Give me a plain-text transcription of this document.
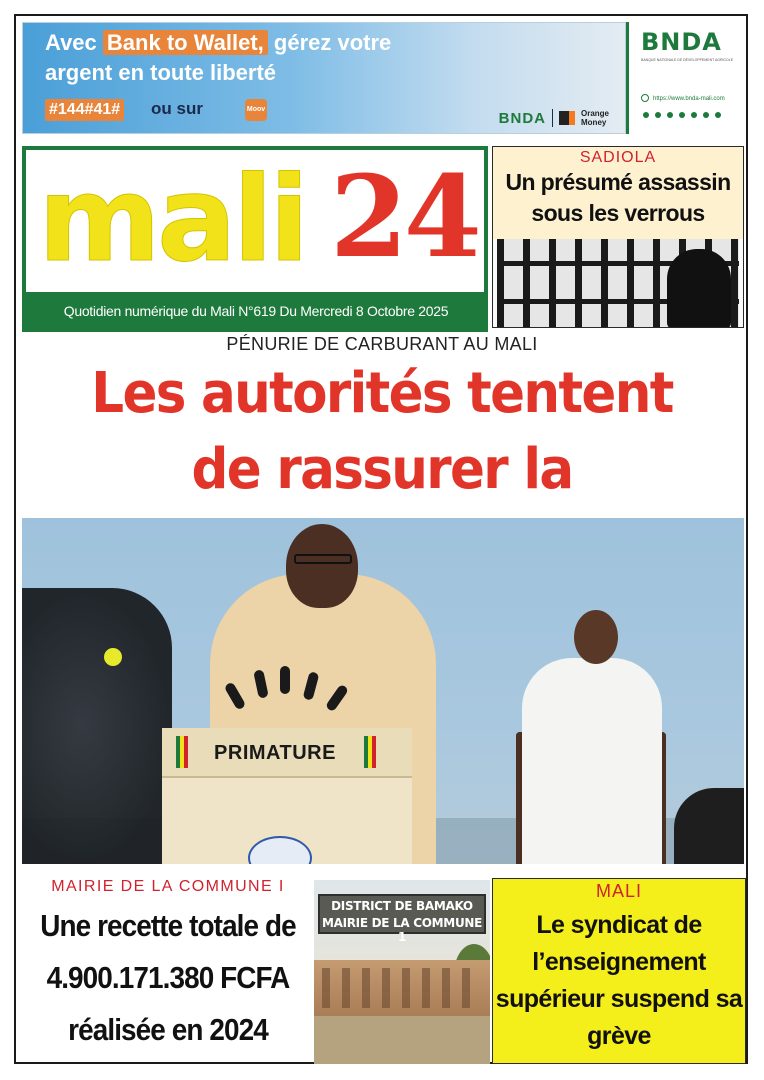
Avec Bank to Wallet, gérez votre
argent en toute liberté
#144#41# ou sur	Moov	BNDA	Orange Money
BNDA
BANQUE NATIONALE DE DÉVELOPPEMENT AGRICOLE
https://www.bnda-mali.com
mali 24
Quotidien numérique du Mali N°619 Du Mercredi 8 Octobre 2025
SADIOLA
Un présumé assassin sous les verrous
PÉNURIE DE CARBURANT AU MALI
Les autorités tentent de rassurer la
PRIMATURE
MAIRIE DE LA COMMUNE I
Une recette totale de 4.900.171.380 FCFA réalisée en 2024
DISTRICT DE BAMAKO
MAIRIE DE LA COMMUNE 1
MALI
Le syndicat de l’enseignement supérieur suspend sa grève
